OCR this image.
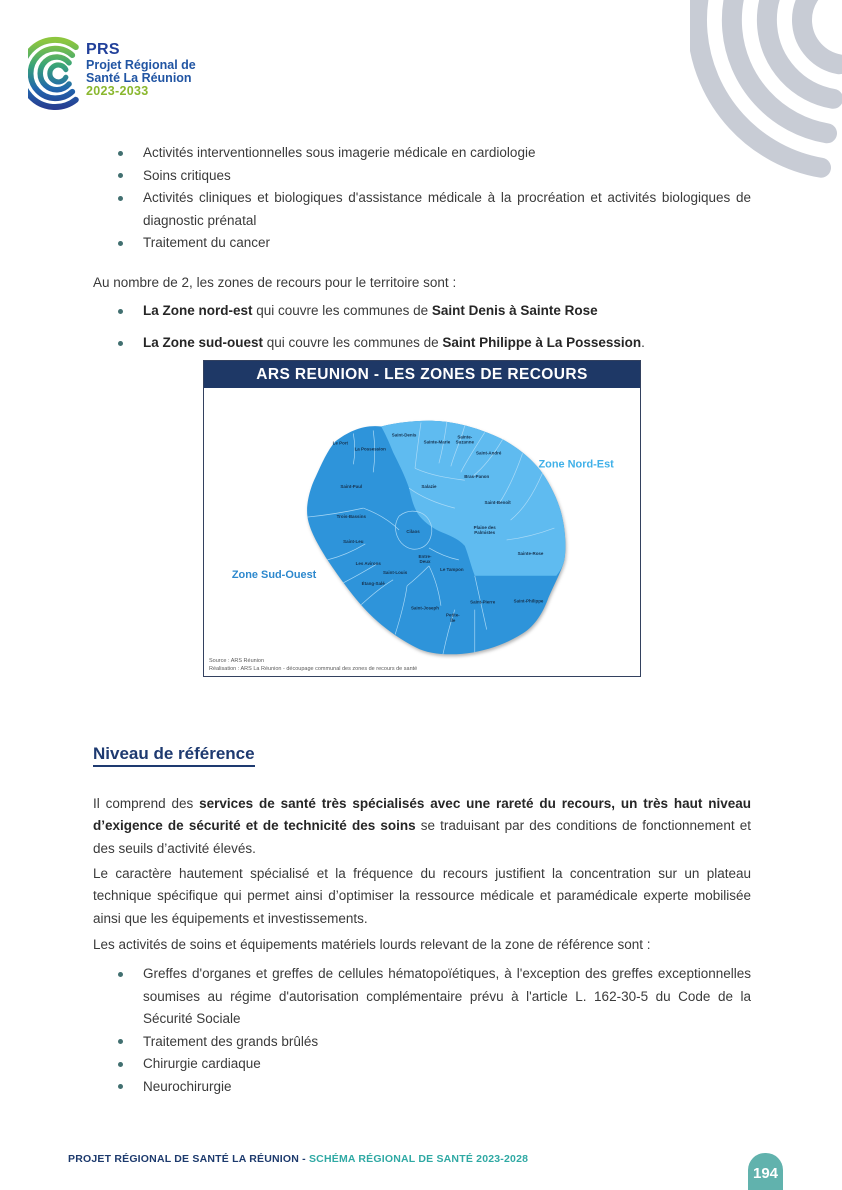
PRS
Projet Régional de
Santé La Réunion
2023-2033
Activités interventionnelles sous imagerie médicale en cardiologie
Soins critiques
Activités cliniques et biologiques d'assistance médicale à la procréation et activités biologiques de diagnostic prénatal
Traitement du cancer

Au nombre de 2, les zones de recours pour le territoire sont :

La Zone nord-est qui couvre les communes de Saint Denis à Sainte Rose
La Zone sud-ouest qui couvre les communes de Saint Philippe à La Possession.
ARS REUNION - LES ZONES DE RECOURS
Le Port
La Possession
Saint-Denis
Sainte-Marie
Sainte-
Suzanne
Saint-André
Bras-Panon
Salazie
Saint-Benoît
Plaine des
Palmistes
Sainte-Rose
Saint-Paul
Trois-Bassins
Saint-Leu
Les Avirons
Étang-Salé
Saint-Louis
Cilaos
Entre-
Deux
Le Tampon
Saint-Joseph
Petite-
Île
Saint-Pierre	Saint-Philippe
Zone Nord-Est
Zone Sud-Ouest
Source : ARS Réunion
Réalisation : ARS La Réunion - découpage communal des zones de recours de santé
Niveau de référence

Il comprend des services de santé très spécialisés avec une rareté du recours, un très haut niveau d’exigence de sécurité et de technicité des soins se traduisant par des conditions de fonctionnement et des seuils d’activité élevés.

Le caractère hautement spécialisé et la fréquence du recours justifient la concentration sur un plateau technique spécifique qui permet ainsi d’optimiser la ressource médicale et paramédicale experte mobilisée ainsi que les équipements et investissements.

Les activités de soins et équipements matériels lourds relevant de la zone de référence sont :

Greffes d'organes et greffes de cellules hématopoïétiques, à l'exception des greffes exceptionnelles soumises au régime d'autorisation complémentaire prévu à l'article L. 162-30-5 du Code de la Sécurité Sociale
Traitement des grands brûlés
Chirurgie cardiaque
Neurochirurgie
PROJET RÉGIONAL DE SANTÉ LA RÉUNION - SCHÉMA RÉGIONAL DE SANTÉ 2023-2028
194
